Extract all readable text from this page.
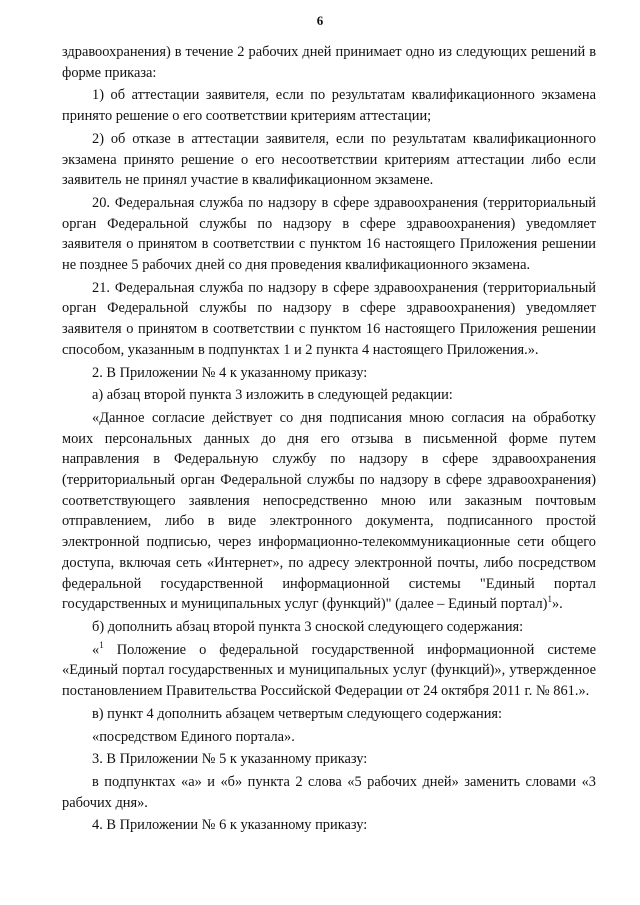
6

здравоохранения) в течение 2 рабочих дней принимает одно из следующих решений в форме приказа:

1) об аттестации заявителя, если по результатам квалификационного экзамена принято решение о его соответствии критериям аттестации;

2) об отказе в аттестации заявителя, если по результатам квалификационного экзамена принято решение о его несоответствии критериям аттестации либо если заявитель не принял участие в квалификационном экзамене.

20. Федеральная служба по надзору в сфере здравоохранения (территориальный орган Федеральной службы по надзору в сфере здравоохранения) уведомляет заявителя о принятом в соответствии с пунктом 16 настоящего Приложения решении не позднее 5 рабочих дней со дня проведения квалификационного экзамена.

21. Федеральная служба по надзору в сфере здравоохранения (территориальный орган Федеральной службы по надзору в сфере здравоохранения) уведомляет заявителя о принятом в соответствии с пунктом 16 настоящего Приложения решении способом, указанным в подпунктах 1 и 2 пункта 4 настоящего Приложения.».

2. В Приложении № 4 к указанному приказу:

а) абзац второй пункта 3 изложить в следующей редакции:

«Данное согласие действует со дня подписания мною согласия на обработку моих персональных данных до дня его отзыва в письменной форме путем направления в Федеральную службу по надзору в сфере здравоохранения (территориальный орган Федеральной службы по надзору в сфере здравоохранения) соответствующего заявления непосредственно мною или заказным почтовым отправлением, либо в виде электронного документа, подписанного простой электронной подписью, через информационно-телекоммуникационные сети общего доступа, включая сеть «Интернет», по адресу электронной почты, либо посредством федеральной государственной информационной системы "Единый портал государственных и муниципальных услуг (функций)" (далее – Единый портал)$^1$».

б) дополнить абзац второй пункта 3 сноской следующего содержания:

«$^1$ Положение о федеральной государственной информационной системе «Единый портал государственных и муниципальных услуг (функций)», утвержденное постановлением Правительства Российской Федерации от 24 октября 2011 г. № 861.».

в) пункт 4 дополнить абзацем четвертым следующего содержания:

«посредством Единого портала».

3. В Приложении № 5 к указанному приказу:

в подпунктах «а» и «б» пункта 2 слова «5 рабочих дней» заменить словами «3 рабочих дня».

4. В Приложении № 6 к указанному приказу:
